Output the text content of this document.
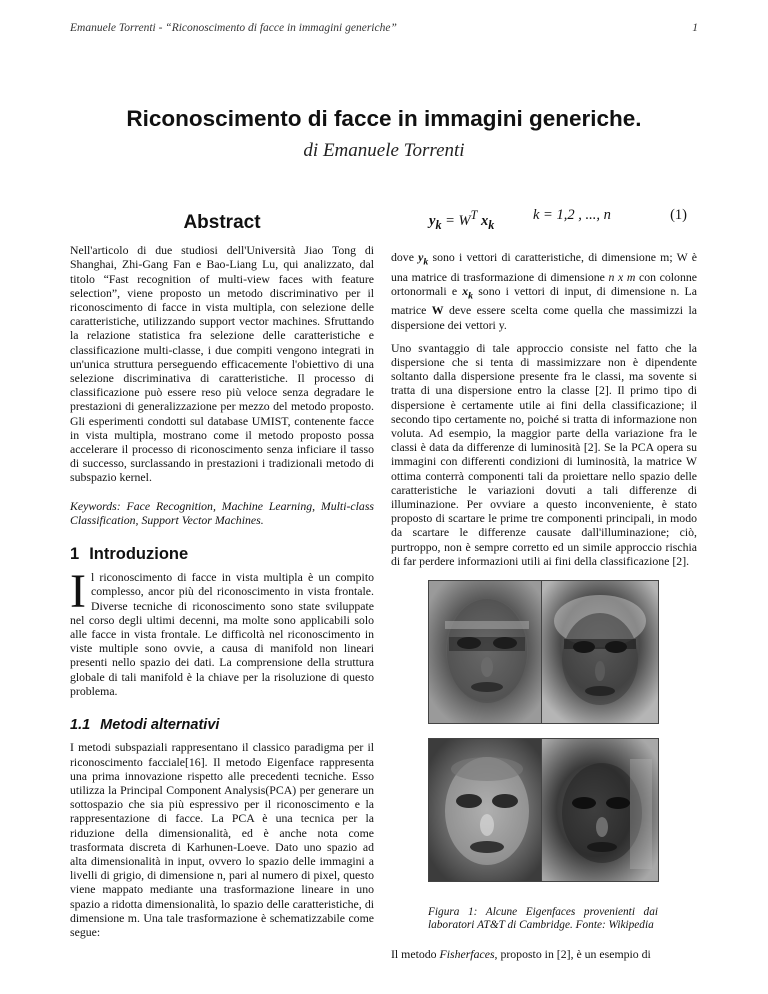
Emanuele Torrenti - “Riconoscimento di facce in immagini generiche”	1
Riconoscimento di facce in immagini generiche.
di Emanuele Torrenti
Abstract

Nell'articolo di due studiosi dell'Università Jiao Tong di Shanghai, Zhi-Gang Fan e Bao-Liang Lu, qui analizzato, dal titolo “Fast recognition of multi-view faces with feature selection”, viene proposto un metodo discriminativo per il riconoscimento di facce in vista multipla, con selezione delle caratteristiche, utilizzando support vector machines. Sfruttando la relazione statistica fra selezione delle caratteristiche e classificazione multi-classe, i due compiti vengono integrati in un'unica struttura perseguendo efficacemente l'obiettivo di una selezione discriminativa di caratteristiche. Il processo di classificazione può essere reso più veloce senza degradare le prestazioni di generalizzazione per mezzo del metodo proposto. Gli esperimenti condotti sul database UMIST, contenente facce in vista multipla, mostrano come il metodo proposto possa accelerare il processo di riconoscimento senza inficiare il tasso di successo, surclassando in prestazioni i tradizionali metodo di subspazio kernel.

Keywords: Face Recognition, Machine Learning, Multi-class Classification, Support Vector Machines.

1 Introduzione

Il riconoscimento di facce in vista multipla è un compito complesso, ancor più del riconoscimento in vista frontale. Diverse tecniche di riconoscimento sono state sviluppate nel corso degli ultimi decenni, ma molte sono applicabili solo alle facce in vista frontale. Le difficoltà nel riconoscimento in viste multiple sono ovvie, a causa di manifold non lineari presenti nello spazio dei dati. La comprensione della struttura globale di tali manifold è la chiave per la risoluzione di questo problema.

1.1 Metodi alternativi

I metodi subspaziali rappresentano il classico paradigma per il riconoscimento facciale[16]. Il metodo Eigenface rappresenta una prima innovazione rispetto alle precedenti tecniche. Esso utilizza la Principal Component Analysis(PCA) per generare un sottospazio che sia più espressivo per il riconoscimento e la rappresentazione di facce. La PCA è una tecnica per la riduzione della dimensionalità, ed è anche nota come trasformata discreta di Karhunen-Loeve. Dato uno spazio ad alta dimensionalità in input, ovvero lo spazio delle immagini a livelli di grigio, di dimensione n, pari al numero di pixel, questo viene mappato mediante una trasformazione lineare in uno spazio a ridotta dimensionalità, lo spazio delle caratteristiche, di dimensione m. Una tale trasformazione è schematizzabile come segue:

$y_k = W^T$ $x_k$
k = 1,2 , ..., n	(1)

dove $y_k$ sono i vettori di caratteristiche, di dimensione m; W è una matrice di trasformazione di dimensione n x m con colonne ortonormali e $x_k$ sono i vettori di input, di dimensione n. La matrice W deve essere scelta come quella che massimizzi la dispersione dei vettori y.

Uno svantaggio di tale approccio consiste nel fatto che la dispersione che si tenta di massimizzare non è dipendente soltanto dalla dispersione presente fra le classi, ma sovente si tratta di una dispersione entro la classe [2]. Il primo tipo di dispersione è certamente utile ai fini della classificazione; il secondo tipo certamente no, poiché si tratta di informazione non voluta. Ad esempio, la maggior parte della variazione fra le classi è data da differenze di luminosità [2]. Se la PCA opera su immagini con differenti condizioni di luminosità, la matrice W ottima conterrà componenti tali da proiettare nello spazio delle caratteristiche le variazioni dovuti a tali differenze di illuminazione. Per ovviare a questo inconveniente, è stato proposto di scartare le prime tre componenti principali, in modo da scartare le differenze causate dall'illuminazione; ciò, purtroppo, non è sempre corretto ed un simile approccio rischia di far perdere informazioni utili ai fini della classificazione [2].

Figura 1: Alcune Eigenfaces provenienti dai laboratori AT&T di Cambridge. Fonte: Wikipedia

Il metodo Fisherfaces, proposto in [2], è un esempio di
